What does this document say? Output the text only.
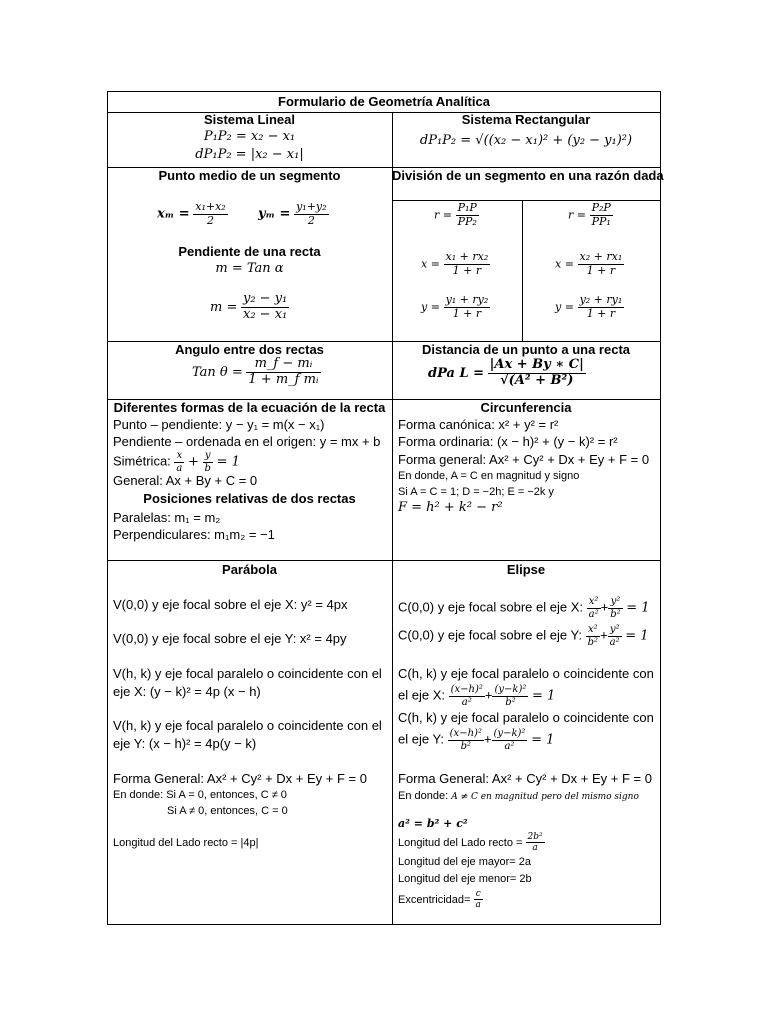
Formulario de Geometría Analítica
Sistema Lineal
P₁P₂ = x₂ − x₁
dP₁P₂ = |x₂ − x₁|
Sistema Rectangular
dP₁P₂ = √((x₂ − x₁)² + (y₂ − y₁)²)
Punto medio de un segmento
$x_m = \frac{\text{x₁+x₂}}{2}$ $y_m = \frac{\text{y₁+y₂}}{2}$
Pendiente de una recta
m = Tan α
$m = \frac{\text{y₂ − y₁}}{\text{x₂ − x₁}}$
División de un segmento en una razón dada
$r = \frac{\text{P₁P}}{\text{PP₂}}$
$x = \frac{\text{x₁ + rx₂}}{1 + r}$
$y = \frac{\text{y₁ + ry₂}}{1 + r}$
$r = \frac{\text{P₂P}}{\text{PP₁}}$
$x = \frac{\text{x₂ + rx₁}}{1 + r}$
$y = \frac{\text{y₂ + ry₁}}{1 + r}$
Angulo entre dos rectas
Tan $\theta = \frac{\text{m\_f − mᵢ}}{\text{1 + m\_f mᵢ}}$
Distancia de un punto a una recta
dPa $L = \frac{|Ax + By ∗ C|}{\text{√(A² + B²)}}$
Diferentes formas de la ecuación de la recta
Punto – pendiente: y − y₁ = m(x − x₁)
Pendiente – ordenada en el origen: y = mx + b
Simétrica: $\frac{x}{a} + \frac{y}{b} = 1$
General: Ax + By + C = 0
Posiciones relativas de dos rectas
Paralelas: m₁ = m₂
Perpendiculares: m₁m₂ = −1
Circunferencia
Forma canónica: x² + y² = r²
Forma ordinaria: (x − h)² + (y − k)² = r²
Forma general: Ax² + Cy² + Dx + Ey + F = 0
En donde, A = C en magnitud y signo
Si A = C = 1; D = −2h; E = −2k y
F = h² + k² − r²
Parábola
V(0,0) y eje focal sobre el eje X: y² = 4px
V(0,0) y eje focal sobre el eje Y: x² = 4py
V(h, k) y eje focal paralelo o coincidente con el
eje X: (y − k)² = 4p (x − h)
V(h, k) y eje focal paralelo o coincidente con el
eje Y: (x − h)² = 4p(y − k)
Forma General: Ax² + Cy² + Dx + Ey + F = 0
En donde: Si A = 0, entonces, C ≠ 0
Si A ≠ 0, entonces, C = 0
Longitud del Lado recto = |4p|
Elipse
C(0,0) y eje focal sobre el eje X: $\frac{\text{x²}}{\text{a²}} + \frac{\text{y²}}{\text{b²}} = 1$
C(0,0) y eje focal sobre el eje Y: $\frac{\text{x²}}{\text{b²}} + \frac{\text{y²}}{\text{a²}} = 1$
C(h, k) y eje focal paralelo o coincidente con
el eje X: $\frac{\text{(x−h)²}}{\text{a²}} + \frac{\text{(y−k)²}}{\text{b²}} = 1$
C(h, k) y eje focal paralelo o coincidente con
el eje Y: $\frac{\text{(x−h)²}}{\text{b²}} + \frac{\text{(y−k)²}}{\text{a²}} = 1$
Forma General: Ax² + Cy² + Dx + Ey + F = 0
En donde: A ≠ C en magnitud pero del mismo signo
a² = b² + c²
Longitud del Lado recto = $\frac{\text{2b²}}{a}$
Longitud del eje mayor= 2a
Longitud del eje menor= 2b
Excentricidad= $\frac{c}{a}$
